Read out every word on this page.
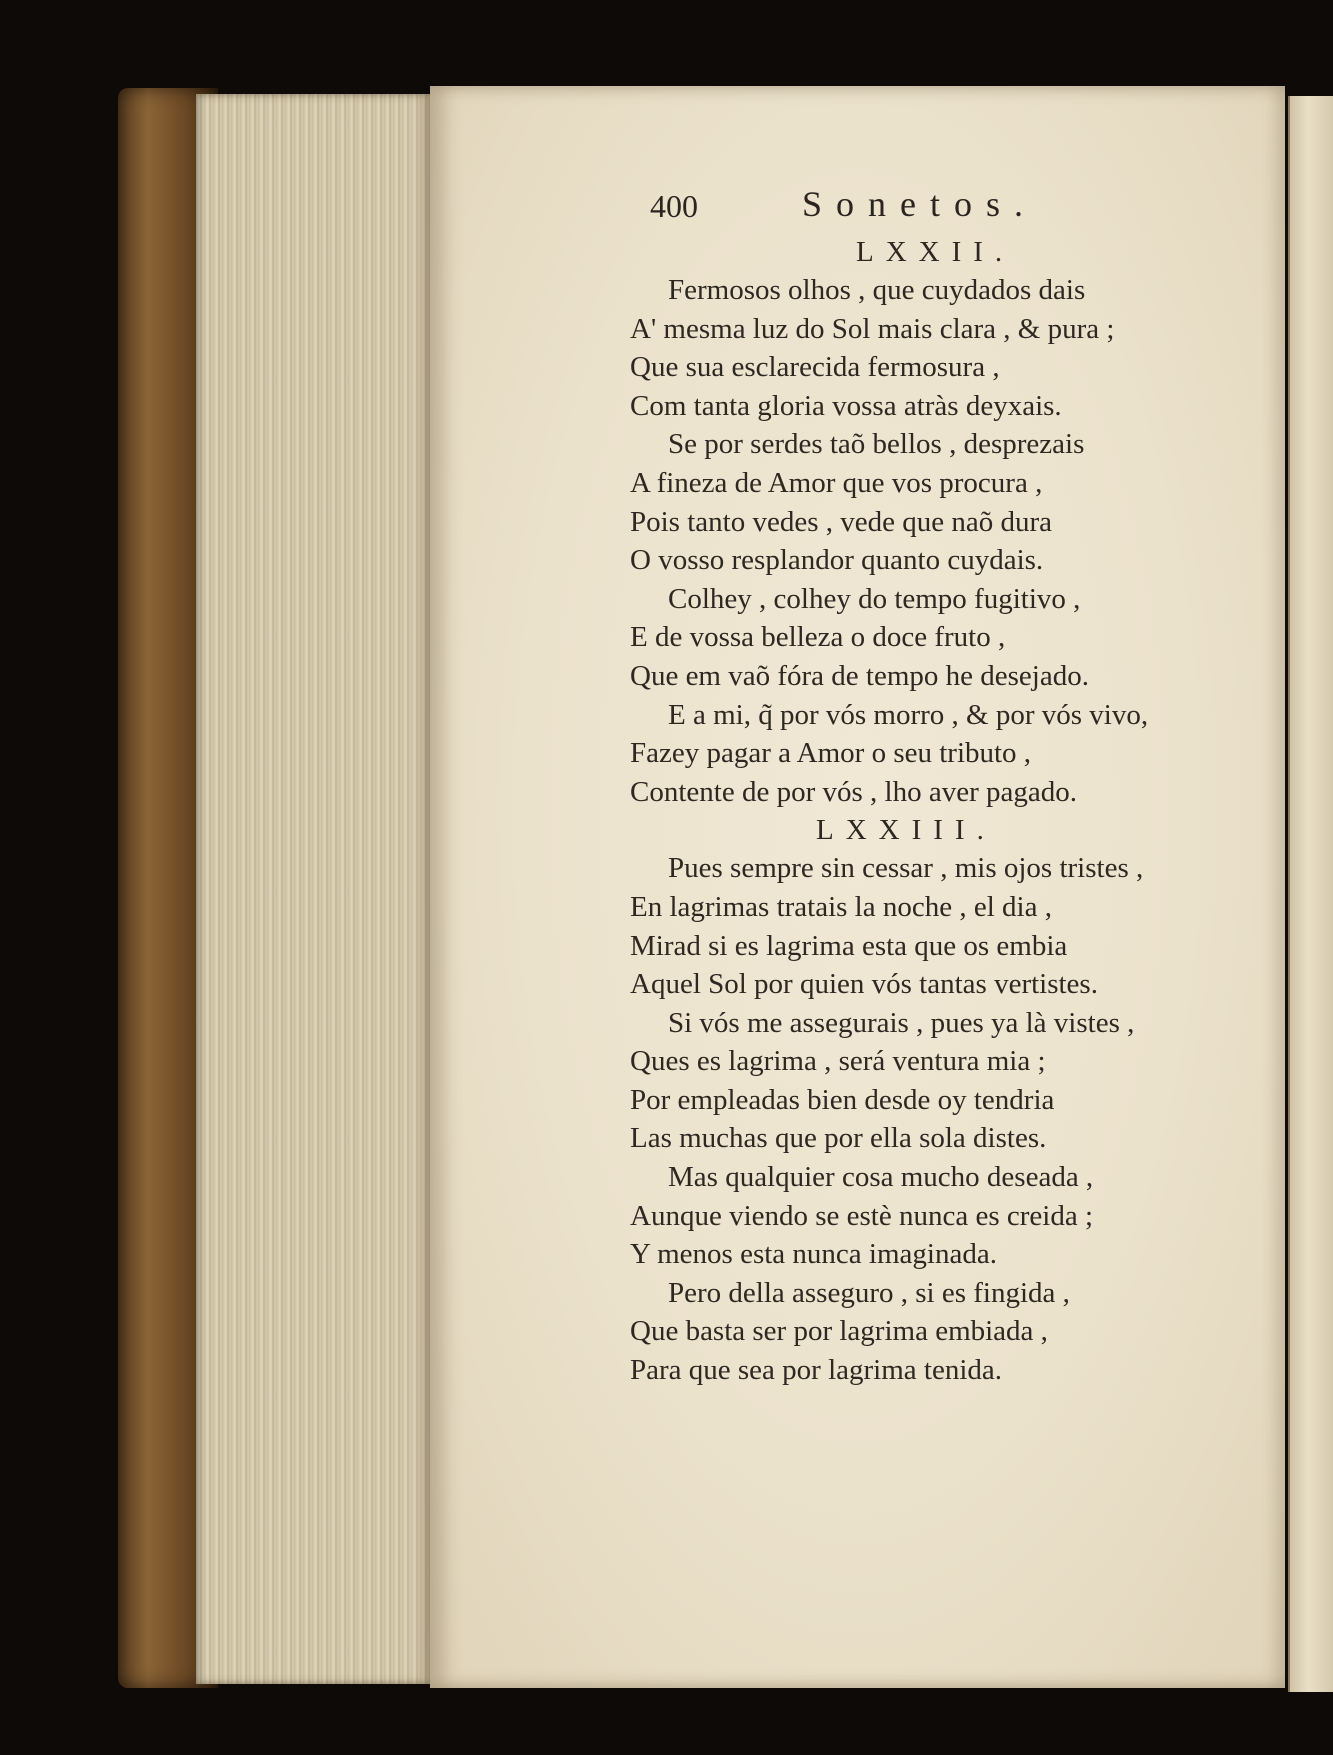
400	Sonetos.
LXXII.
Fermosos olhos , que cuydados dais
A' mesma luz do Sol mais clara , & pura ;
Que sua esclarecida fermosura ,
Com tanta gloria vossa atràs deyxais.
Se por serdes taõ bellos , desprezais
A fineza de Amor que vos procura ,
Pois tanto vedes , vede que naõ dura
O vosso resplandor quanto cuydais.
Colhey , colhey do tempo fugitivo ,
E de vossa belleza o doce fruto ,
Que em vaõ fóra de tempo he desejado.
E a mi, q̃ por vós morro , & por vós vivo,
Fazey pagar a Amor o seu tributo ,
Contente de por vós , lho aver pagado.
LXXIII.
Pues sempre sin cessar , mis ojos tristes ,
En lagrimas tratais la noche , el dia ,
Mirad si es lagrima esta que os embia
Aquel Sol por quien vós tantas vertistes.
Si vós me assegurais , pues ya là vistes ,
Ques es lagrima , será ventura mia ;
Por empleadas bien desde oy tendria
Las muchas que por ella sola distes.
Mas qualquier cosa mucho deseada ,
Aunque viendo se estè nunca es creida ;
Y menos esta nunca imaginada.
Pero della asseguro , si es fingida ,
Que basta ser por lagrima embiada ,
Para que sea por lagrima tenida.
